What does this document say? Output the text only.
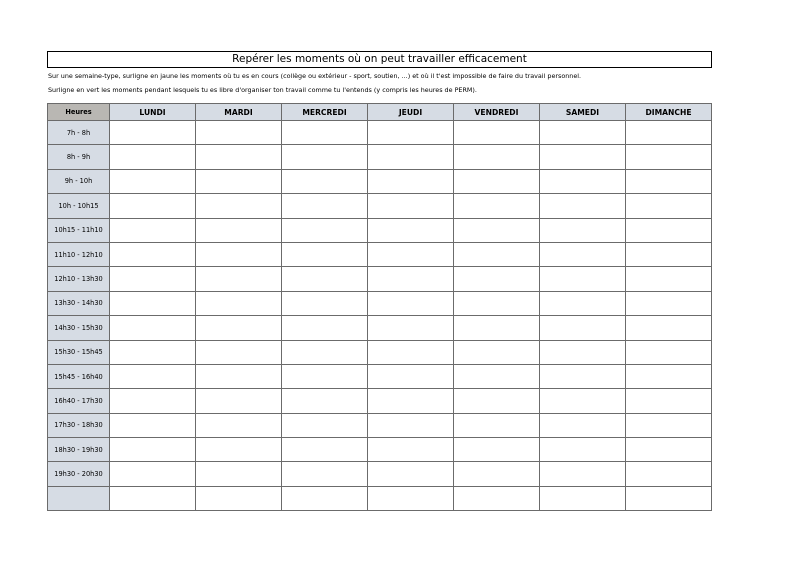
Repérer les moments où on peut travailler efficacement
Sur une semaine-type, surligne en jaune les moments où tu es en cours (collège ou extérieur - sport, soutien, ...) et où il t'est impossible de faire du travail personnel.
Surligne en vert les moments pendant lesquels tu es libre d'organiser ton travail comme tu l'entends (y compris les heures de PERM).
Heures	LUNDI	MARDI	MERCREDI	JEUDI	VENDREDI	SAMEDI	DIMANCHE
7h - 8h							
8h - 9h							
9h - 10h							
10h - 10h15							
10h15 - 11h10							
11h10 - 12h10							
12h10 - 13h30							
13h30 - 14h30							
14h30 - 15h30							
15h30 - 15h45							
15h45 - 16h40							
16h40 - 17h30							
17h30 - 18h30							
18h30 - 19h30							
19h30 - 20h30							
